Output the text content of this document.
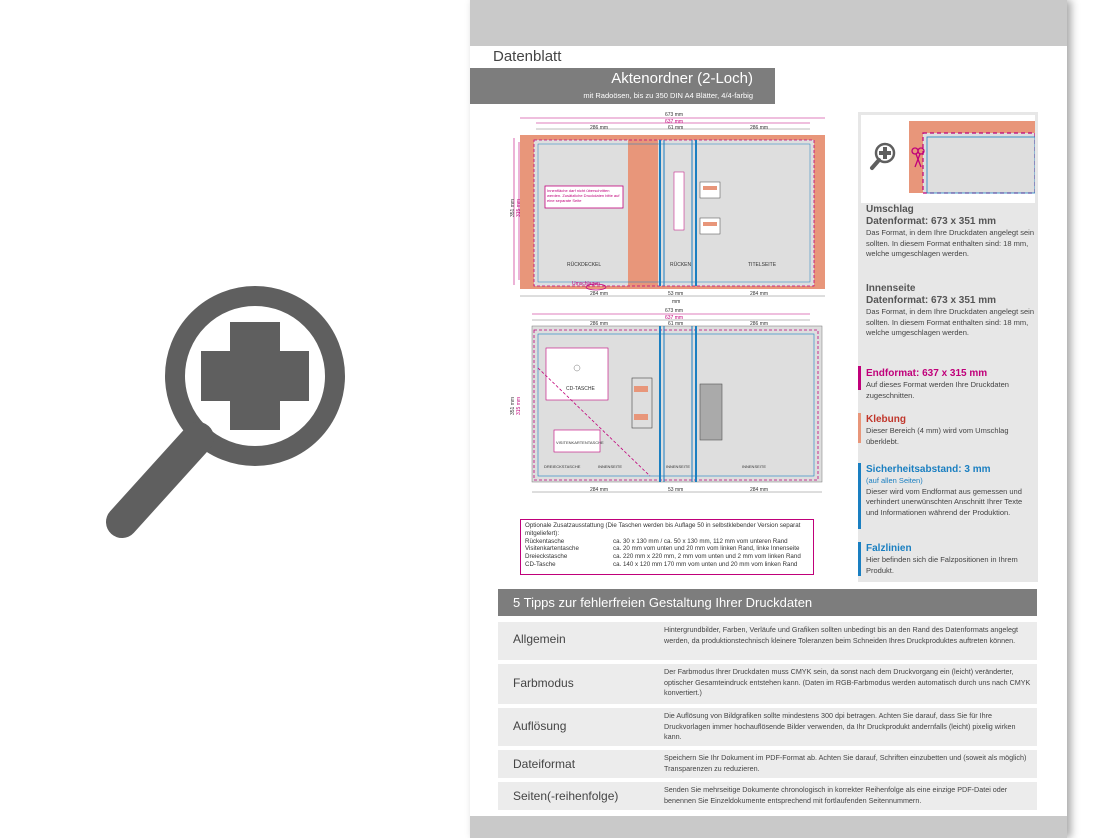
Datenblatt
Aktenordner (2-Loch)
mit Radoösen, bis zu 350 DIN A4 Blätter, 4/4-farbig
673 mm
637 mm
286 mm	61 mm	286 mm
351 mm 315 mm
RÜCKDECKEL	RÜCKEN	TITELSEITE
Umschlagen
Innenfläche darf nicht überschritten werden. Zusätzliche Druckdaten bitte auf eine separate Seite
284 mm	53 mm	284 mm
mm
673 mm
637 mm
286 mm	61 mm	286 mm
351 mm 315 mm
CD-TASCHE
VISITENKARTENTASCHE
DREIECKSTASCHE	INNENSEITE	INNENSEITE	INNENSEITE
284 mm	53 mm	284 mm
Optionale Zusatzausstattung (Die Taschen werden bis Auflage 50 in selbstklebender Version separat mitgeliefert):
Rückentasche	ca. 30 x 130 mm / ca. 50 x 130 mm, 112 mm vom unteren Rand
Visitenkartentasche	ca. 20 mm vom unten und 20 mm vom linken Rand, linke Innenseite
Dreieckstasche	ca. 220 mm x 220 mm, 2 mm vom unten und 2 mm vom linken Rand
CD-Tasche	ca. 140 x 120 mm 170 mm vom unten und 20 mm vom linken Rand
Umschlag
Datenformat: 673 x 351 mm
Das Format, in dem Ihre Druckdaten angelegt sein sollten. In diesem Format enthalten sind: 18 mm, welche umgeschlagen werden.
Innenseite
Datenformat: 673 x 351 mm
Das Format, in dem Ihre Druckdaten angelegt sein sollten. In diesem Format enthalten sind: 18 mm, welche umgeschlagen werden.
Endformat: 637 x 315 mm
Auf dieses Format werden Ihre Druckdaten zugeschnitten.
Klebung
Dieser Bereich (4 mm) wird vom Umschlag überklebt.
Sicherheitsabstand: 3 mm
(auf allen Seiten)
Dieser wird vom Endformat aus gemessen und verhindert unerwünschten Anschnitt Ihrer Texte und Informationen während der Produktion.
Falzlinien
Hier befinden sich die Falzpositionen in Ihrem Produkt.
5 Tipps zur fehlerfreien Gestaltung Ihrer Druckdaten
Allgemein
Hintergrundbilder, Farben, Verläufe und Grafiken sollten unbedingt bis an den Rand des Datenformats angelegt werden, da produktionstechnisch kleinere Toleranzen beim Schneiden Ihres Druckproduktes auftreten können.
Farbmodus
Der Farbmodus Ihrer Druckdaten muss CMYK sein, da sonst nach dem Druckvorgang ein (leicht) veränderter, optischer Gesamteindruck entstehen kann. (Daten im RGB-Farbmodus werden automatisch durch uns nach CMYK konvertiert.)
Auflösung
Die Auflösung von Bildgrafiken sollte mindestens 300 dpi betragen. Achten Sie darauf, dass Sie für Ihre Druckvorlagen immer hochauflösende Bilder verwenden, da Ihr Druckprodukt andernfalls (leicht) pixelig wirken kann.
Dateiformat	Speichern Sie Ihr Dokument im PDF-Format ab. Achten Sie darauf, Schriften einzubetten und (soweit als möglich) Transparenzen zu reduzieren.
Seiten(-reihenfolge)	Senden Sie mehrseitige Dokumente chronologisch in korrekter Reihenfolge als eine einzige PDF-Datei oder benennen Sie Einzeldokumente entsprechend mit fortlaufenden Seitennummern.
